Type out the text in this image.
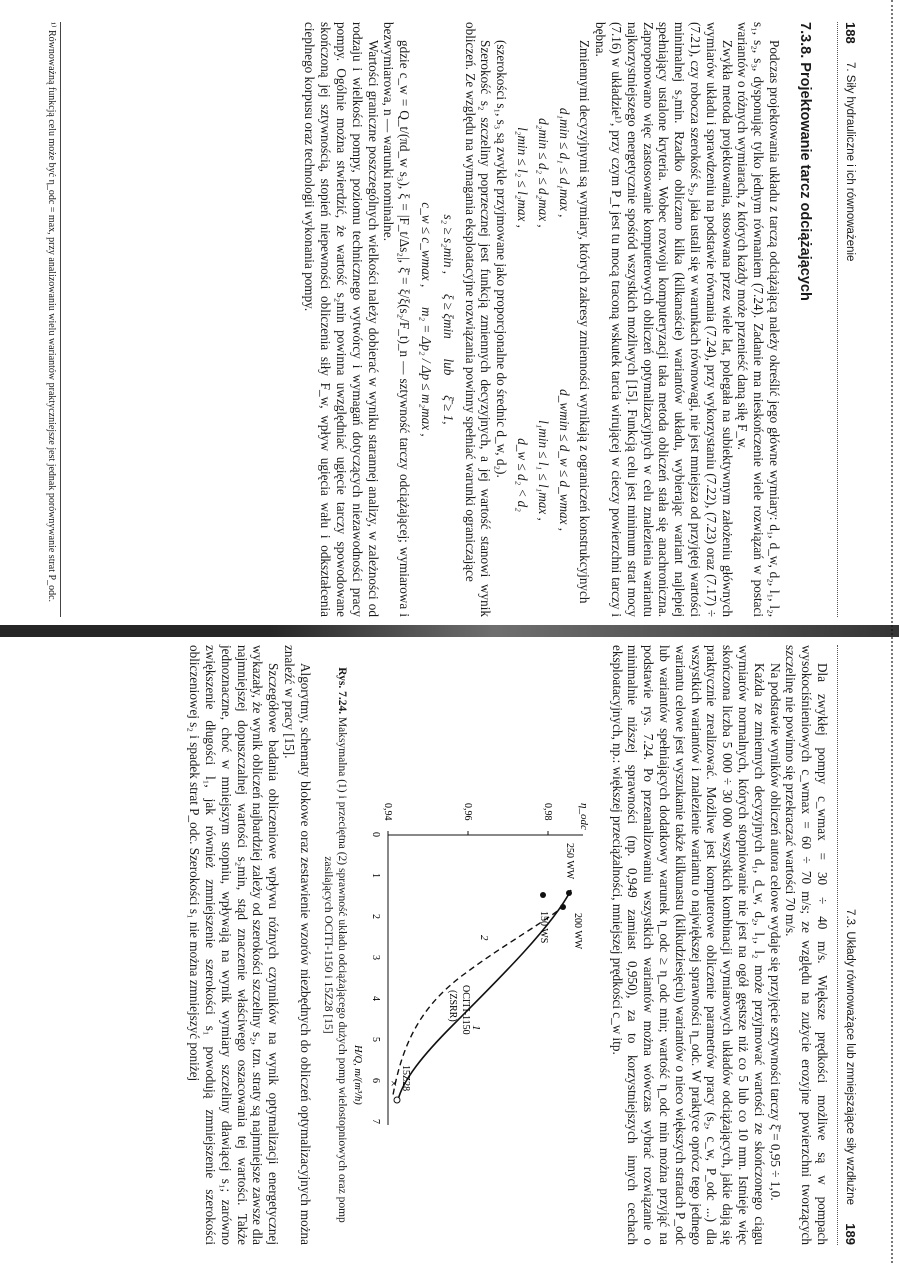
188
7. Siły hydrauliczne i ich równoważenie
7.3.8. Projektowanie tarcz odciążających

Podczas projektowania układu z tarczą odciążającą należy określić jego główne wymiary: d₁, d_w, d₂, l₁, l₂, s₁, s₂, s₃, dysponując tylko jednym równaniem (7.24). Zadanie ma nieskończenie wiele rozwiązań w postaci wariantów o różnych wymiarach, z których każdy może przenieść daną siłę F_w.

Zwykła metoda projektowania, stosowana przez wiele lat, polegała na subiektywnym założeniu głównych wymiarów układu i sprawdzeniu na podstawie równania (7.24), przy wykorzystaniu (7.22), (7.23) oraz (7.17) ÷ (7.21), czy robocza szerokość s₂, jaka ustali się w warunkach równowagi, nie jest mniejsza od przyjętej wartości minimalnej s₂min. Rzadko obliczano kilka (kilkanaście) wariantów układu, wybierając wariant najlepiej spełniający ustalone kryteria. Wobec rozwoju komputeryzacji taka metoda obliczeń stała się anachroniczna. Zaproponowano więc zastosowanie komputerowych obliczeń optymalizacyjnych w celu znalezienia wariantu najkorzystniejszego energetycznie spośród wszystkich możliwych [15]. Funkcją celu jest minimum strat mocy (7.16) w układzie¹⁾, przy czym P_t jest tu mocą traconą wskutek tarcia wirującej w cieczy powierzchni tarczy i bębna.

Zmiennymi decyzyjnymi są wymiary, których zakresy zmienności wynikają z ograniczeń konstrukcyjnych

d₁min ≤ d₁ ≤ d₁max ,
d_wmin ≤ d_w ≤ d_wmax ,
d₂min ≤ d₂ ≤ d₂max ,
l₁min ≤ l₁ ≤ l₁max ,
l₂min ≤ l₂ ≤ l₂max ,
d_w ≤ d₂ < d₂

(szerokości s₁, s₃ są zwykle przyjmowane jako proporcjonalne do średnic d_w, d₂).

Szerokość s₂ szczeliny poprzecznej jest funkcją zmiennych decyzyjnych, a jej wartość stanowi wynik obliczeń. Ze względu na wymagania eksploatacyjne rozwiązania powinny spełniać warunki ograniczające

s₂ ≥ s₂min ,      ξ ≥ ξmin      lub      ξ̄ ≥ 1,
c_w ≤ c_wmax ,      m₂ = Δp₂ / Δp ≤ m₂max ,

gdzie c_w = Q_t/(πd_w s₃), ξ = |F_t/Δs₂|, ξ̄ = ξ/ξ(s₂/F_t)_n — sztywność tarczy odciążającej; wymiarowa i bezwymiarowa, n — warunki nominalne.

Wartości graniczne poszczególnych wielkości należy dobierać w wyniku starannej analizy, w zależności od rodzaju i wielkości pompy, poziomu technicznego wytwórcy i wymagań dotyczących niezawodności pracy pompy. Ogólnie można stwierdzić, że wartość s₂min powinna uwzględniać ugięcie tarczy spowodowane skończoną jej sztywnością, stopień niepewności obliczenia siły F_w, wpływ ugięcia wału i odkształcenia cieplnego korpusu oraz technologii wykonania pompy.

¹⁾ Równoważną funkcją celu może być η_odc = max, przy analizowaniu wielu wariantów praktyczniejsze jest jednak porównywanie strat P_odc.
7.3. Układy równoważące lub zmniejszające siły wzdłużne
189

Dla zwykłej pompy c_wmax = 30 ÷ 40 m/s. Większe prędkości możliwe są w pompach wysokociśnieniowych c_wmax = 60 ÷ 70 m/s; ze względu na zużycie erozyjne powierzchni tworzących szczelinę nie powinno się przekraczać wartości 70 m/s.

Na podstawie wyników obliczeń autora celowe wydaje się przyjęcie sztywności tarczy ξ̄ = 0,95 ÷ 1,0.

Każda ze zmiennych decyzyjnych d₁, d_w, d₂, l₁, l₂ może przyjmować wartości ze skończonego ciągu wymiarów normalnych, których stopniowanie nie jest na ogół gęstsze niż co 5 lub co 10 mm. Istnieje więc skończona liczba 5 000 ÷ 30 000 wszystkich kombinacji wymiarowych układów odciążających, jakie dają się praktycznie zrealizować. Możliwe jest komputerowe obliczenie parametrów pracy (s₂, c_w, P_odc ...) dla wszystkich wariantów i znalezienie wariantu o największej sprawności η_odc. W praktyce oprócz tego jednego wariantu celowe jest wyszukanie także kilkunastu (kilkudziesięciu) wariantów o nieco większych stratach P_odc lub wariantów spełniających dodatkowy warunek η_odc ≥ η_odc min; wartość η_odc min można przyjąć na podstawie rys. 7.24. Po przeanalizowaniu wszystkich wariantów można wówczas wybrać rozwiązanie o minimalnie niższej sprawności (np. 0,949 zamiast 0,950), za to korzystniejszych innych cechach eksploatacyjnych, np.: większej przeciążalności, mniejszej prędkości c_w itp.

η_odc
H/Q, m/(m³/h)
0,98
0,96
0,94
0
1
2
3
4
5
6
7
×
250 WW
200 WW
150 WS
OCITI-1150
(ZSRR)
15Z28
1
2
Rys. 7.24. Maksymalna (1) i przeciętna (2) sprawność układu odciążającego dużych pomp wielostopniowych oraz pomp zasilających OCITI-1150 i 15Z28 [15]

Algorytmy, schematy blokowe oraz zestawienie wzorów niezbędnych do obliczeń optymalizacyjnych można znaleźć w pracy [15].

Szczegółowe badania obliczeniowe wpływu różnych czynników na wynik optymalizacji energetycznej wykazały, że wynik obliczeń najbardziej zależy od szerokości szczeliny s₂, tzn. straty są najmniejsze zawsze dla najmniejszej dopuszczalnej wartości s₂min, stąd znaczenie właściwego oszacowania tej wartości. Także jednoznaczne, choć w mniejszym stopniu, wpływają na wynik wymiary szczeliny dławiącej s₁; zarówno zwiększenie długości l₁, jak również zmniejszenie szerokości s₁ powodują zmniejszenie szerokości obliczeniowej s₂ i spadek strat P_odc. Szerokości s₁ nie można zmniejszyć poniżej
